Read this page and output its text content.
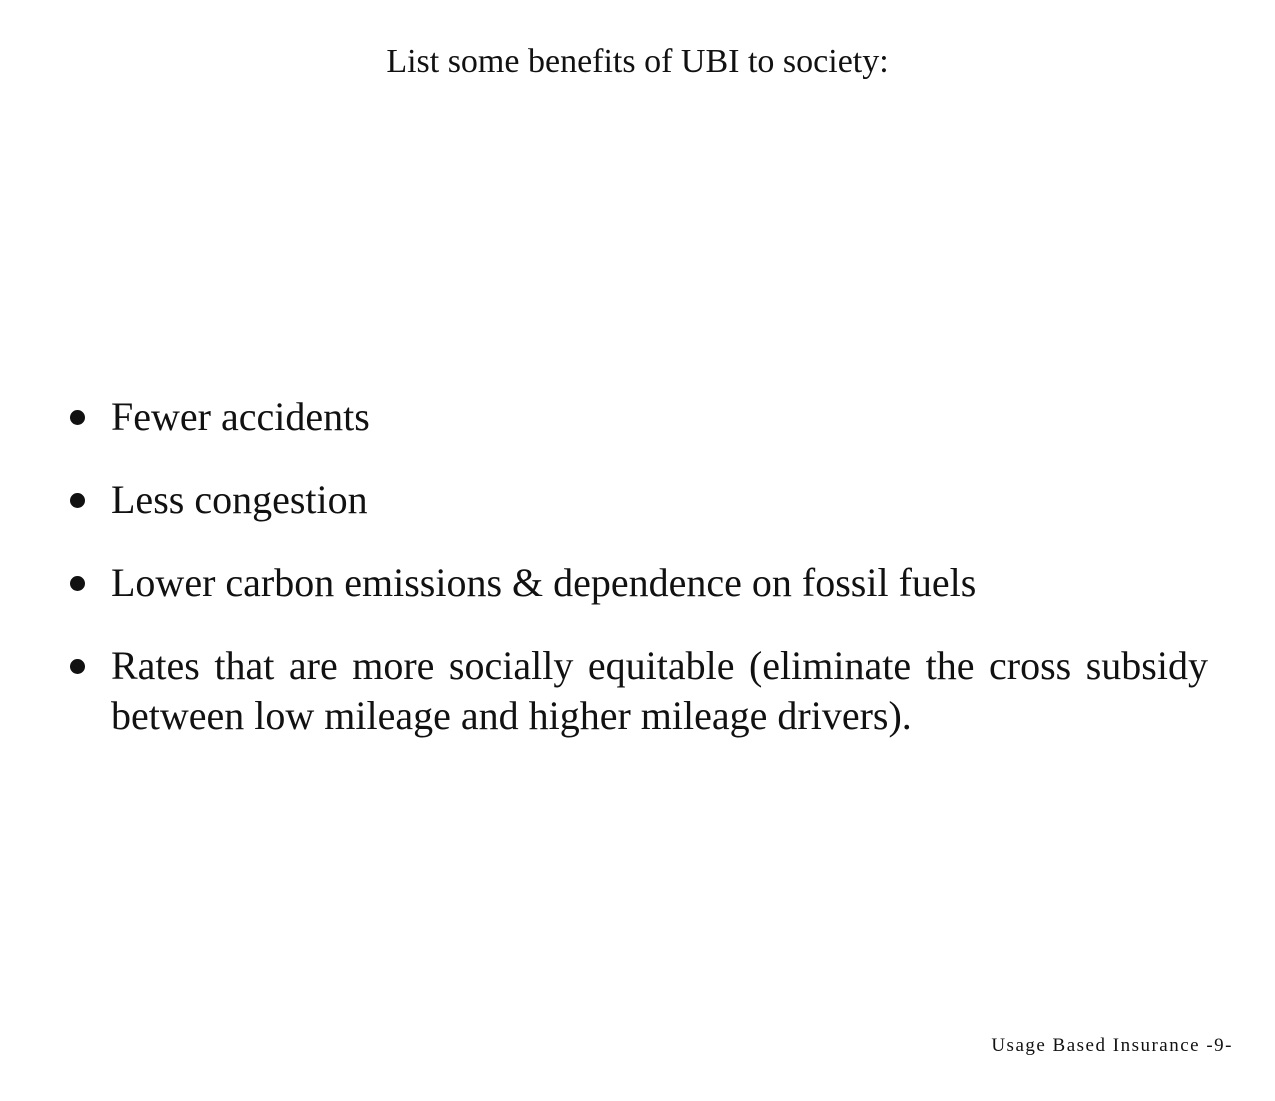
List some benefits of UBI to society:
Fewer accidents
Less congestion
Lower carbon emissions & dependence on fossil fuels
Rates that are more socially equitable (eliminate the cross subsidy between low mileage and higher mileage drivers).
Usage Based Insurance -9-
